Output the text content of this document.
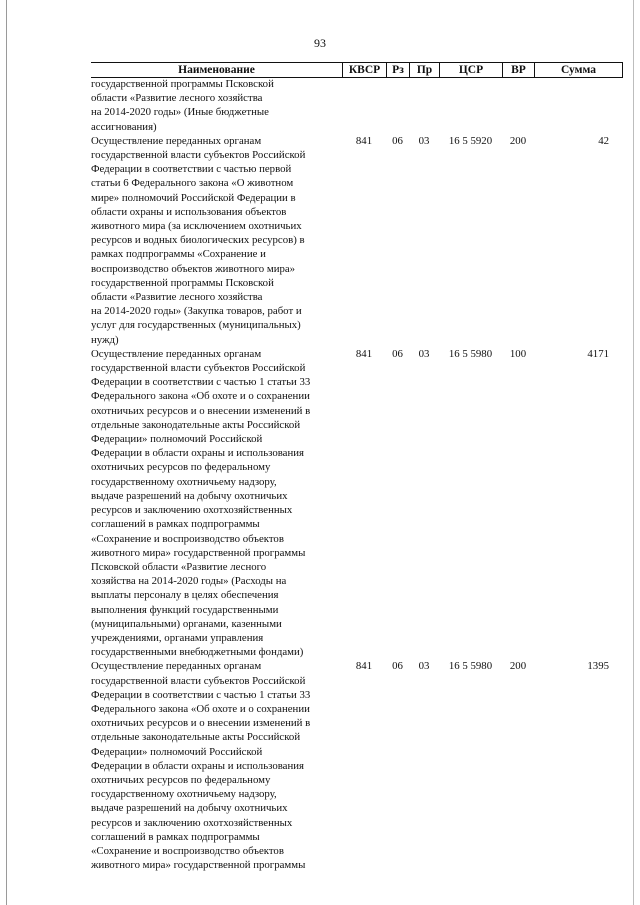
93
Наименование	КВСР	Рз	Пр	ЦСР	ВР	Сумма
государственной программы Псковской
области «Развитие лесного хозяйства
на 2014-2020 годы» (Иные бюджетные
ассигнования)
Осуществление переданных органам
государственной власти субъектов Российской
Федерации в соответствии с частью первой
статьи 6 Федерального закона «О животном
мире» полномочий Российской Федерации в
области охраны и использования объектов
животного мира (за исключением охотничьих
ресурсов и водных биологических ресурсов) в
рамках подпрограммы «Сохранение и
воспроизводство объектов животного мира»
государственной программы Псковской
области «Развитие лесного хозяйства
на 2014-2020 годы» (Закупка товаров, работ и
услуг для государственных (муниципальных)
нужд)
841	06	03	16 5 5920	200	42
Осуществление переданных органам
государственной власти субъектов Российской
Федерации в соответствии с частью 1 статьи 33
Федерального закона «Об охоте и о сохранении
охотничьих ресурсов и о внесении изменений в
отдельные законодательные акты Российской
Федерации» полномочий Российской
Федерации в области охраны и использования
охотничьих ресурсов по федеральному
государственному охотничьему надзору,
выдаче разрешений на добычу охотничьих
ресурсов и заключению охотхозяйственных
соглашений в рамках подпрограммы
«Сохранение и воспроизводство объектов
животного мира» государственной программы
Псковской области «Развитие лесного
хозяйства на 2014-2020 годы» (Расходы на
выплаты персоналу в целях обеспечения
выполнения функций государственными
(муниципальными) органами, казенными
учреждениями, органами управления
государственными внебюджетными фондами)
841	06	03	16 5 5980	100	4171
Осуществление переданных органам
государственной власти субъектов Российской
Федерации в соответствии с частью 1 статьи 33
Федерального закона «Об охоте и о сохранении
охотничьих ресурсов и о внесении изменений в
отдельные законодательные акты Российской
Федерации» полномочий Российской
Федерации в области охраны и использования
охотничьих ресурсов по федеральному
государственному охотничьему надзору,
выдаче разрешений на добычу охотничьих
ресурсов и заключению охотхозяйственных
соглашений в рамках подпрограммы
«Сохранение и воспроизводство объектов
животного мира» государственной программы
841	06	03	16 5 5980	200	1395
